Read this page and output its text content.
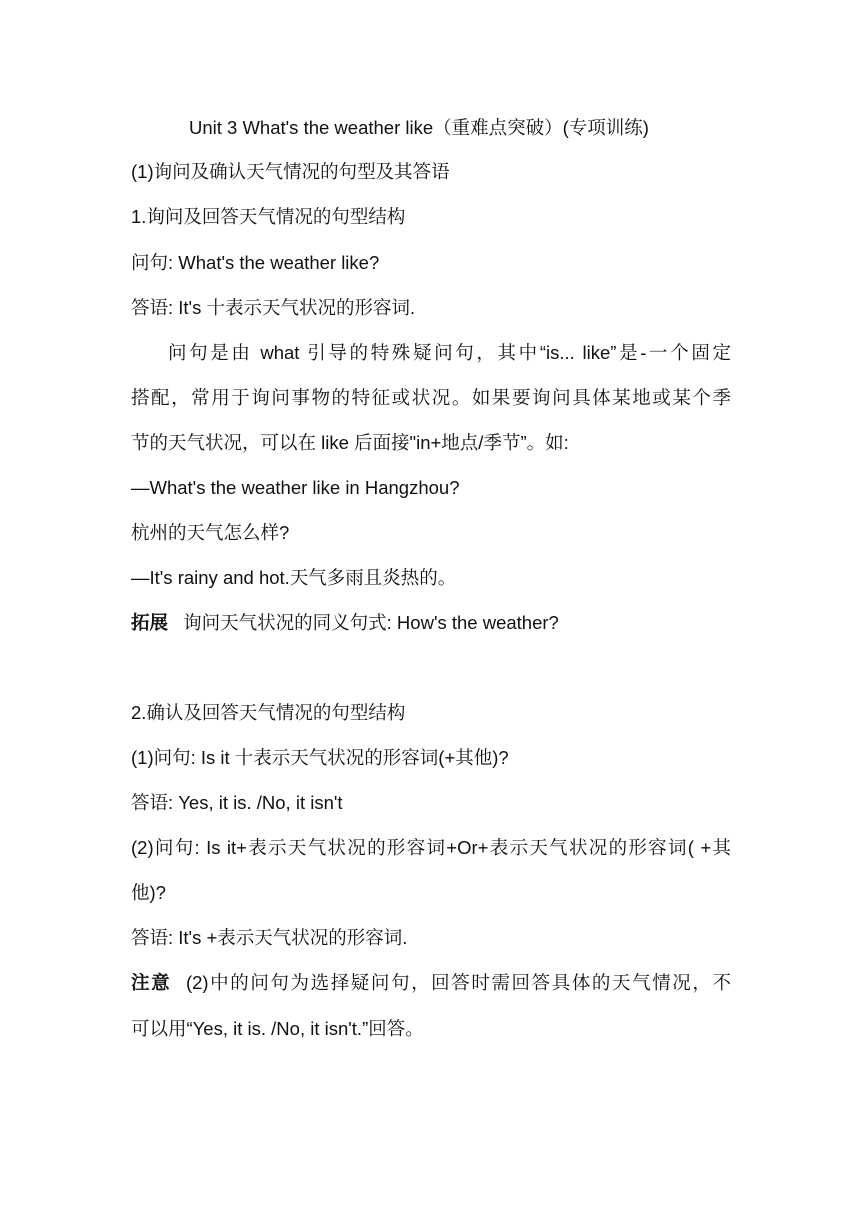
Unit 3 What's the weather like（重难点突破）(专项训练)
(1)询问及确认天气情况的句型及其答语
1.询问及回答天气情况的句型结构
问句: What's the weather like?
答语: It's 十表示天气状况的形容词.
问句是由 what 引导的特殊疑问句，其中“is... like”是-一个固定
搭配，常用于询问事物的特征或状况。如果要询问具体某地或某个季
节的天气状况，可以在 like 后面接"in+地点/季节”。如:
—What's the weather like in Hangzhou?
杭州的天气怎么样?
—It's rainy and hot.天气多雨且炎热的。
拓展 询问天气状况的同义句式: How's the weather?
2.确认及回答天气情况的句型结构
(1)问句: Is it 十表示天气状况的形容词(+其他)?
答语: Yes, it is. /No, it isn't
(2)问句: Is it+表示天气状况的形容词+Or+表示天气状况的形容词( +其
他)?
答语: It's +表示天气状况的形容词.
注意 (2)中的问句为选择疑问句，回答时需回答具体的天气情况，不
可以用“Yes, it is. /No, it isn't.”回答。
